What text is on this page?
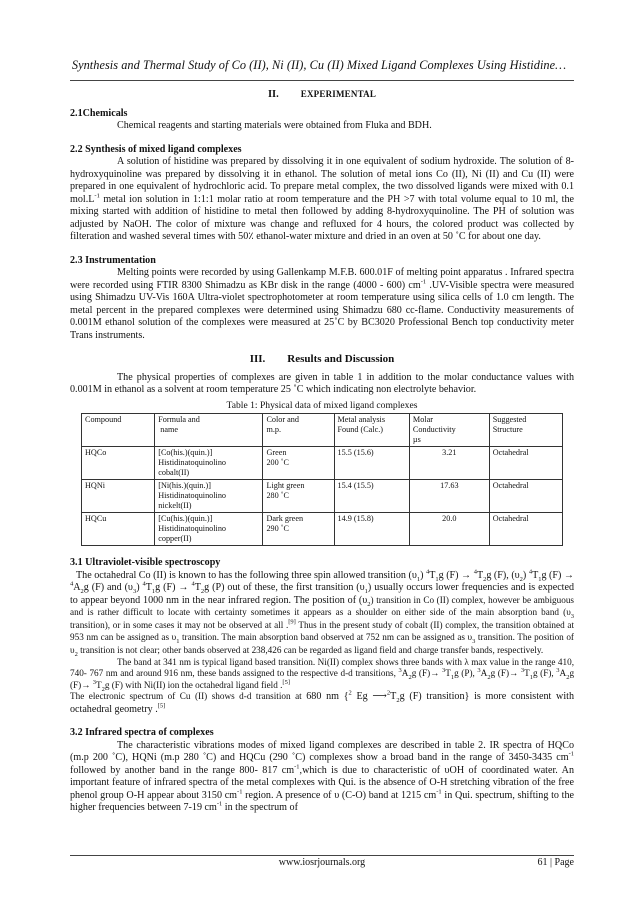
Synthesis and Thermal Study of Co (II), Ni (II), Cu (II) Mixed Ligand Complexes Using Histidine…
II. EXPERIMENTAL

2.1Chemicals

Chemical reagents and starting materials were obtained from Fluka and BDH.

2.2 Synthesis of mixed ligand complexes

A solution of histidine was prepared by dissolving it in one equivalent of sodium hydroxide. The solution of 8-hydroxyquinoline was prepared by dissolving it in ethanol. The solution of metal ions Co (II), Ni (II) and Cu (II) were prepared in one equivalent of hydrochloric acid. To prepare metal complex, the two dissolved ligands were mixed with 0.1 $mol.L^{-1}$ metal ion solution in 1:1:1 molar ratio at room temperature and the PH >7 with total volume equal to 10 ml, the mixing started with addition of histidine to metal then followed by adding 8-hydroxyquinoline. The PH of solution was adjusted by NaOH. The color of mixture was change and refluxed for 4 hours, the colored product was collected by filteration and washed several times with 50٪ ethanol-water mixture and dried in an oven at 50 ˚C for about one day.

2.3 Instrumentation

Melting points were recorded by using Gallenkamp M.F.B. 600.01F of melting point apparatus . Infrared spectra were recorded using FTIR 8300 Shimadzu as KBr disk in the range (4000 - 600) $cm^{-1}$ .UV-Visible spectra were measured using Shimadzu UV-Vis 160A Ultra-violet spectrophotometer at room temperature using silica cells of 1.0 cm length. The metal percent in the prepared complexes were determined using Shimadzu 680 cc-flame. Conductivity measurements of 0.001M ethanol solution of the complexes were measured at 25˚C by BC3020 Professional Bench top conductivity meter Trans instruments.

III. Results and Discussion

The physical properties of complexes are given in table 1 in addition to the molar conductance values with 0.001M in ethanol as a solvent at room temperature 25 ˚C which indicating non electrolyte behavior.

Table 1: Physical data of mixed ligand complexes
Compound	Formula and
name	Color and
m.p.	Metal analysis
Found (Calc.)	Molar
Conductivity
µs	Suggested
Structure
HQCo	[Co(his.)(quin.)]
Histidinatoquinolino
cobalt(II)	Green
200 ˚C	15.5 (15.6)	3.21	Octahedral
HQNi	[Ni(his.)(quin.)]
Histidinatoquinolino
nickelt(II)	Light green
280 ˚C	15.4 (15.5)	17.63	Octahedral
HQCu	[Cu(his.)(quin.)]
Histidinatoquinolino
copper(II)	Dark green
290 ˚C	14.9 (15.8)	20.0	Octahedral

3.1 Ultraviolet-visible spectroscopy

The octahedral Co (II) is known to has the following three spin allowed transition $(\upsilon_1)$ $^4T_1g$ $(F) \to ^4T_2g$ (F), $(\upsilon_2)$ $^4T_1g$ $(F) \to ^4A_2g$ (F) and $(\upsilon_3)$ $^4T_1g$ $(F) \to ^4T_2g$ (P) out of these, the first transition $(\upsilon_1)$ usually occurs lower frequencies and is expected to appear beyond 1000 nm in the near infrared region. The position of $(\upsilon_2)$ transition in Co (II) complex, however be ambiguous and is rather difficult to locate with certainty sometimes it appears as a shoulder on either side of the main absorption band ($\upsilon_3$ transition), or in some cases it may not be observed at all .[9] Thus in the present study of cobalt (II) complex, the transition obtained at 953 nm can be assigned as $\upsilon_1$ transition. The main absorption band observed at 752 nm can be assigned as $\upsilon_3$ transition. The position of $\upsilon_2$ transition is not clear; other bands observed at 238,426 can be regarded as ligand field and charge transfer bands, respectively.

The band at 341 nm is typical ligand based transition. Ni(II) complex shows three bands with λ max value in the range 410, 740- 767 nm and around 916 nm, these bands assigned to the respective d-d transitions, $^3A_2g$ $(F)\to ^3T_1g$ (P), $^3A_2g$ $(F)\to ^3T_1g$ (F), $^3A_2g$ $(F)\to ^3T_2g$ (F) with Ni(II) ion the octahedral ligand field .[5]

The electronic spectrum of Cu (II) shows d-d transition at 680 nm {$^2$ Eg $⟶^2T_2g$ (F) transition} is more consistent with octahedral geometry .[5]

3.2 Infrared spectra of complexes

The characteristic vibrations modes of mixed ligand complexes are described in table 2. IR spectra of HQCo (m.p 200 ˚C), HQNi (m.p 280 ˚C) and HQCu (290 ˚C) complexes show a broad band in the range of 3450-3435 $cm^{-1}$ followed by another band in the range 800- 817 $cm^{-1},which$ is due to characteristic of υOH of coordinated water. An important feature of infrared spectra of the metal complexes with Qui. is the absence of O-H stretching vibration of the free phenol group O-H appear about 3150 $cm^{-1}$ region. A presence of υ (C-O) band at 1215 $cm^{-1}$ in Qui. spectrum, shifting to the higher frequencies between 7-19 $cm^{-1}$ in the spectrum of

www.iosrjournals.org	61 | Page
